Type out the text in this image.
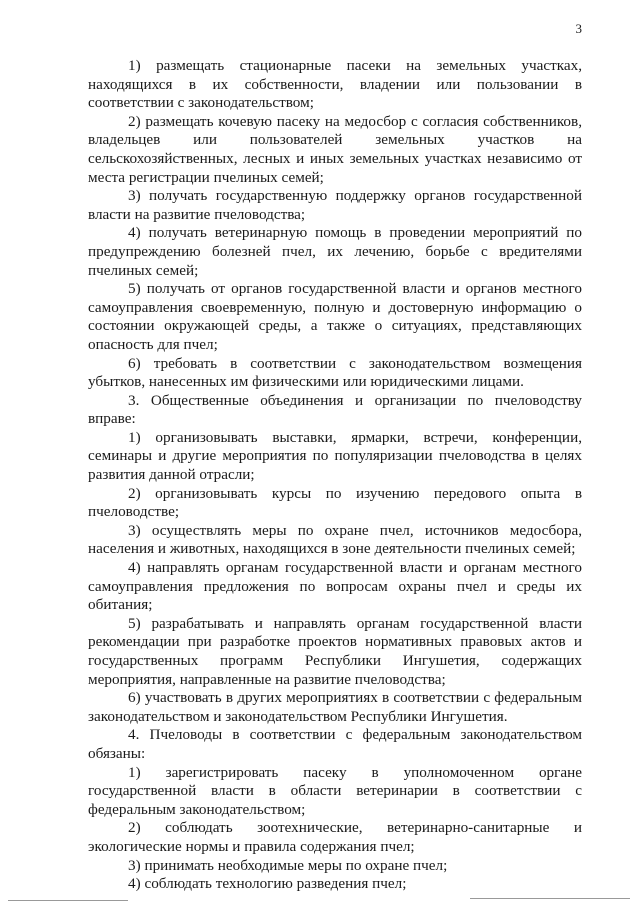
3

1) размещать стационарные пасеки на земельных участках, находящихся в их собственности, владении или пользовании в соответствии с законодательством;

2) размещать кочевую пасеку на медосбор с согласия собственников, владельцев или пользователей земельных участков на сельскохозяйственных, лесных и иных земельных участках независимо от места регистрации пчелиных семей;

3) получать государственную поддержку органов государственной власти на развитие пчеловодства;

4) получать ветеринарную помощь в проведении мероприятий по предупреждению болезней пчел, их лечению, борьбе с вредителями пчелиных семей;

5) получать от органов государственной власти и органов местного самоуправления своевременную, полную и достоверную информацию о состоянии окружающей среды, а также о ситуациях, представляющих опасность для пчел;

6) требовать в соответствии с законодательством возмещения убытков, нанесенных им физическими или юридическими лицами.

3. Общественные объединения и организации по пчеловодству вправе:

1) организовывать выставки, ярмарки, встречи, конференции, семинары и другие мероприятия по популяризации пчеловодства в целях развития данной отрасли;

2) организовывать курсы по изучению передового опыта в пчеловодстве;

3) осуществлять меры по охране пчел, источников медосбора, населения и животных, находящихся в зоне деятельности пчелиных семей;

4) направлять органам государственной власти и органам местного самоуправления предложения по вопросам охраны пчел и среды их обитания;

5) разрабатывать и направлять органам государственной власти рекомендации при разработке проектов нормативных правовых актов и государственных программ Республики Ингушетия, содержащих мероприятия, направленные на развитие пчеловодства;

6) участвовать в других мероприятиях в соответствии с федеральным законодательством и законодательством Республики Ингушетия.

4. Пчеловоды в соответствии с федеральным законодательством обязаны:

1) зарегистрировать пасеку в уполномоченном органе государственной власти в области ветеринарии в соответствии с федеральным законодательством;

2) соблюдать зоотехнические, ветеринарно-санитарные и экологические нормы и правила содержания пчел;

3) принимать необходимые меры по охране пчел;

4) соблюдать технологию разведения пчел;
